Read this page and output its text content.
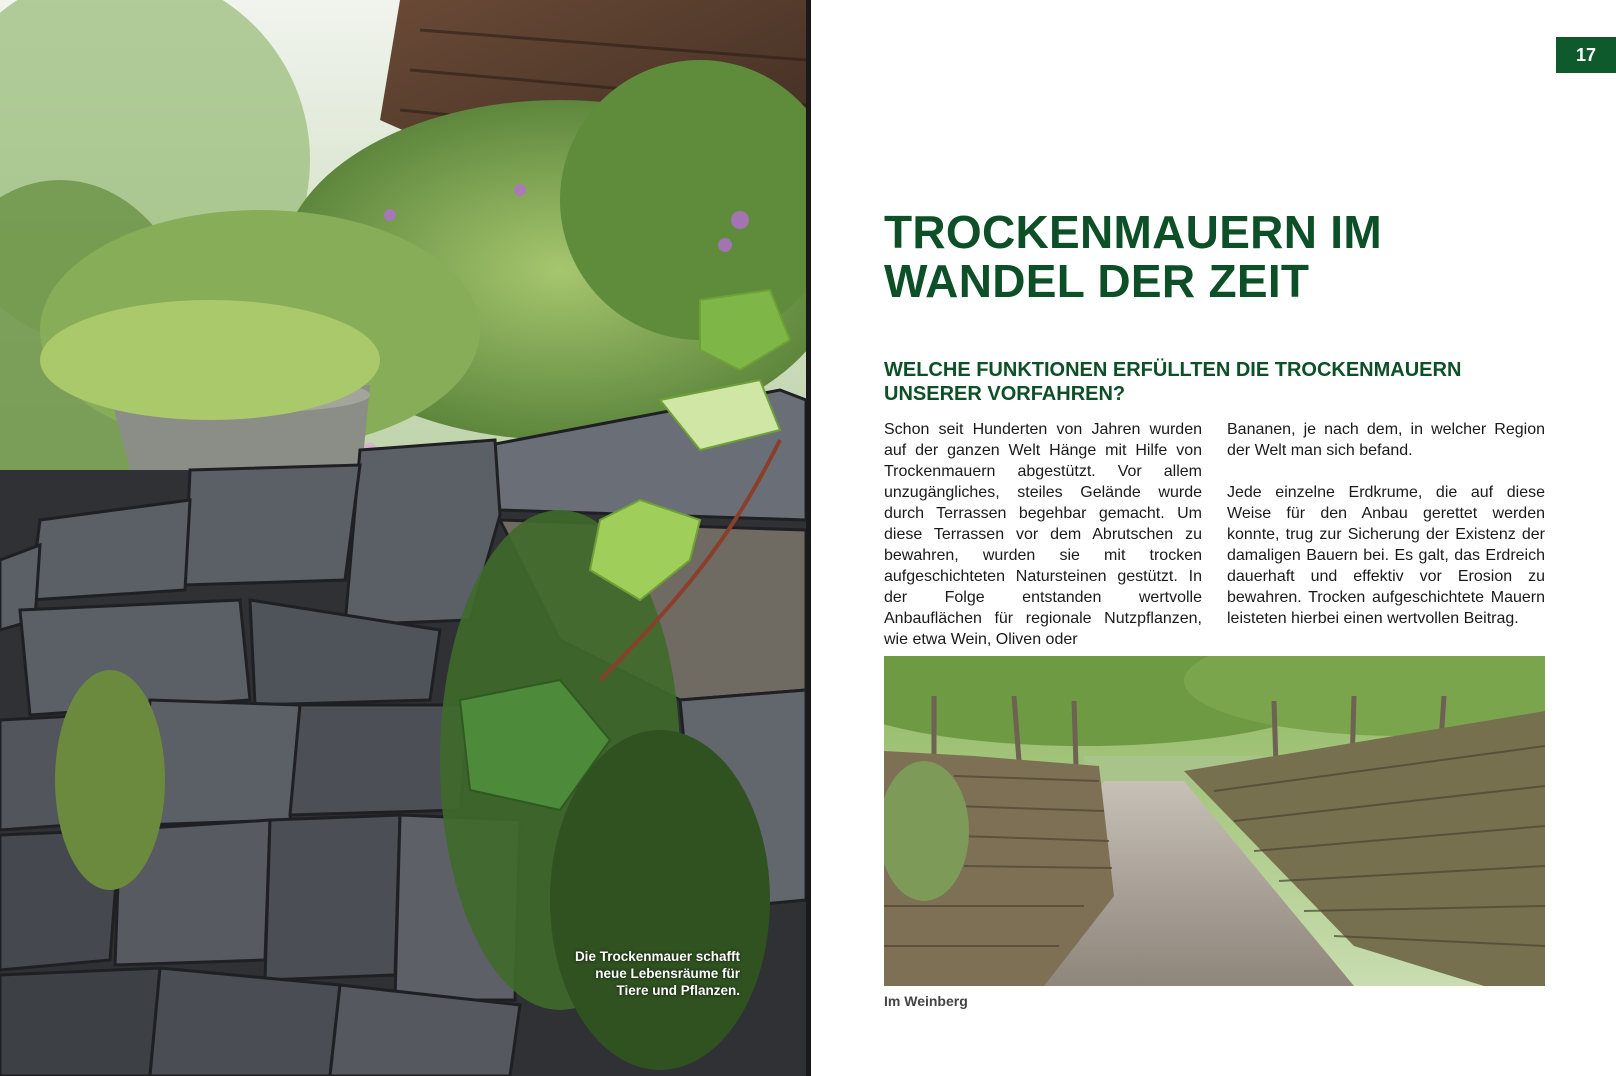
Die Trockenmauer schafft
neue Lebensräume für
Tiere und Pflanzen.
17
TROCKENMAUERN IM
WANDEL DER ZEIT
WELCHE FUNKTIONEN ERFÜLLTEN DIE TROCKENMAUERN
UNSERER VORFAHREN?

Schon seit Hunderten von Jahren wurden auf der ganzen Welt Hänge mit Hilfe von Trockenmauern abgestützt. Vor allem unzugängliches, steiles Gelände wurde durch Terrassen begehbar gemacht. Um diese Terrassen vor dem Abrutschen zu bewahren, wurden sie mit trocken aufgeschichteten Natursteinen gestützt. In der Folge entstanden wertvolle Anbauflächen für regionale Nutzpflanzen, wie etwa Wein, Oliven oder

Bananen, je nach dem, in welcher Region der Welt man sich befand.

Jede einzelne Erdkrume, die auf diese Weise für den Anbau gerettet werden konnte, trug zur Sicherung der Existenz der damaligen Bauern bei. Es galt, das Erdreich dauerhaft und effektiv vor Erosion zu bewahren. Trocken aufgeschichtete Mauern leisteten hierbei einen wertvollen Beitrag.

Im Weinberg
